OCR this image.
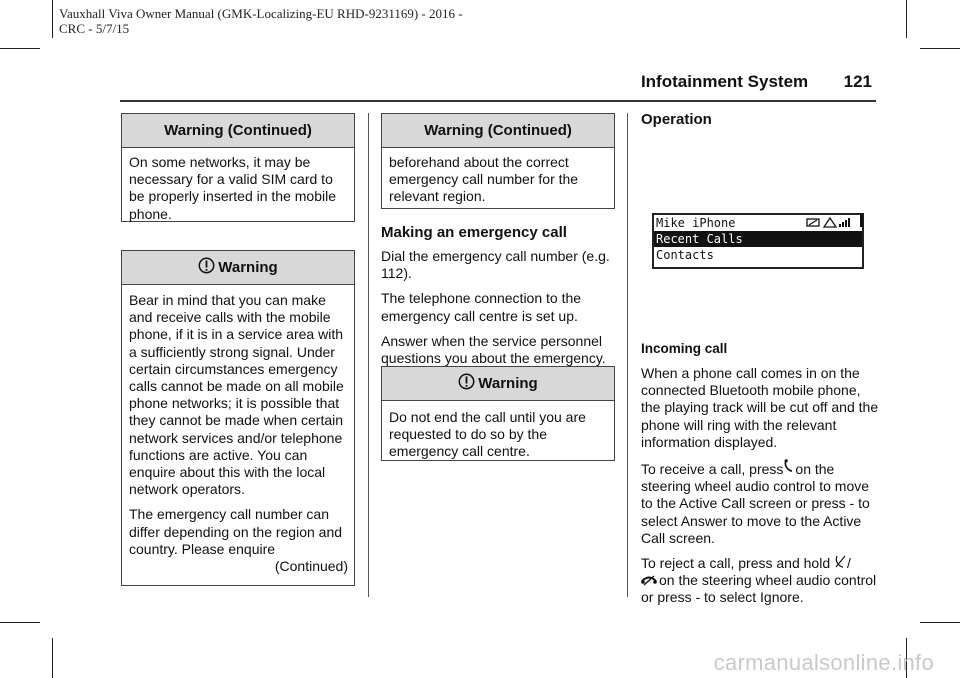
Vauxhall Viva Owner Manual (GMK-Localizing-EU RHD-9231169) - 2016 -
CRC - 5/7/15
Infotainment System 121
Warning (Continued)
On some networks, it may be necessary for a valid SIM card to be properly inserted in the mobile phone.
Warning

Bear in mind that you can make and receive calls with the mobile phone, if it is in a service area with a sufficiently strong signal. Under certain circumstances emergency calls cannot be made on all mobile phone networks; it is possible that they cannot be made when certain network services and/or telephone functions are active. You can enquire about this with the local network operators.

The emergency call number can differ depending on the region and country. Please enquire

(Continued)
Warning (Continued)
beforehand about the correct emergency call number for the relevant region.
Making an emergency call

Dial the emergency call number (e.g. 112).

The telephone connection to the emergency call centre is set up.

Answer when the service personnel questions you about the emergency.

Warning
Do not end the call until you are requested to do so by the emergency call centre.
Operation
Mike iPhone
Recent Calls
Contacts
Incoming call

When a phone call comes in on the connected Bluetooth mobile phone, the playing track will be cut off and the phone will ring with the relevant information displayed.

To receive a call, press on the steering wheel audio control to move to the Active Call screen or press - to select Answer to move to the Active Call screen.

To reject a call, press and hold /
on the steering wheel audio control or press - to select Ignore.

carmanualsonline.info
